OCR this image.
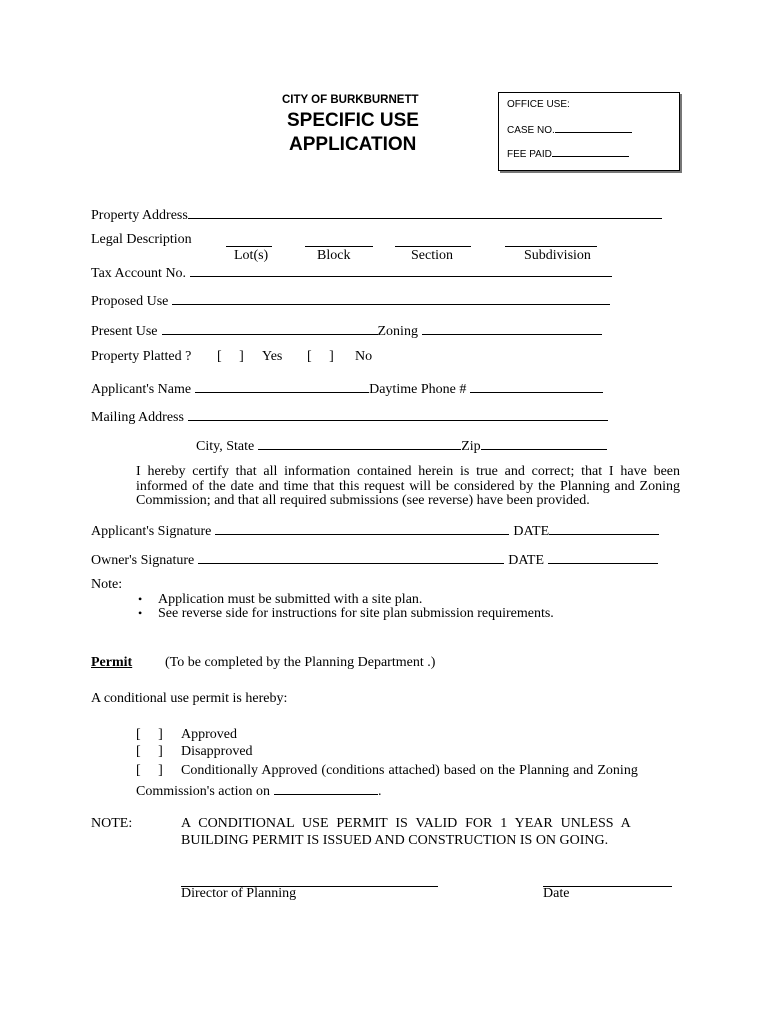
CITY OF BURKBURNETT
SPECIFIC USE
APPLICATION
OFFICE USE:
CASE NO.
FEE PAID
Property Address
Legal Description
Lot(s)	Block	Section	Subdivision
Tax Account No.
Proposed Use
Present Use	Zoning
Property Platted ? [ ] Yes [ ] No
Applicant's Name	Daytime Phone #
Mailing Address
City, State	Zip
I hereby certify that all information contained herein is true and correct; that I have been informed of the date and time that this request will be considered by the Planning and Zoning Commission; and that all required submissions (see reverse) have been provided.
Applicant's Signature	DATE
Owner's Signature	DATE
Note:
• Application must be submitted with a site plan.
• See reverse side for instructions for site plan submission requirements.
Permit (To be completed by the Planning Department .)
A conditional use permit is hereby:
[ ] Approved
[ ] Disapproved
[ ] Conditionally Approved (conditions attached) based on the Planning and Zoning
Commission's action on	.
NOTE:	A CONDITIONAL USE PERMIT IS VALID FOR 1 YEAR UNLESS A
BUILDING PERMIT IS ISSUED AND CONSTRUCTION IS ON GOING.
Director of Planning	Date
